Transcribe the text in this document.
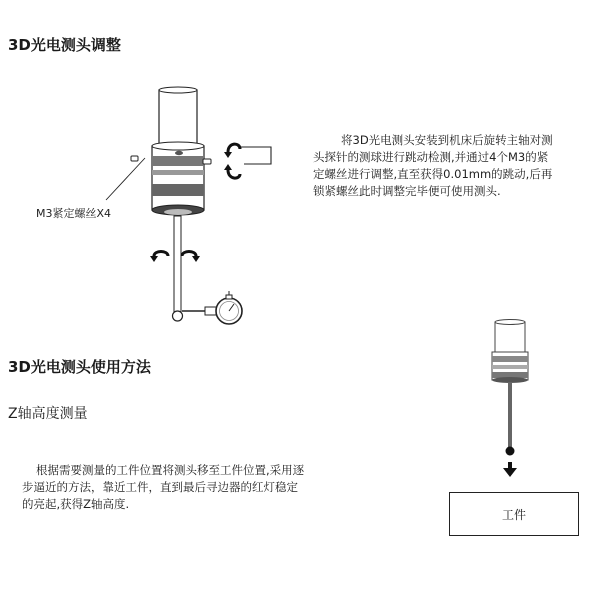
3D光电测头调整
M3紧定螺丝X4
将3D光电测头安装到机床后旋转主轴对测
头探针的测球进行跳动检测,并通过4个M3的紧
定螺丝进行调整,直至获得0.01mm的跳动,后再
锁紧螺丝此时调整完毕便可使用测头.
3D光电测头使用方法
Z轴高度测量
根据需要测量的工件位置将测头移至工件位置,采用逐
步逼近的方法，靠近工件，直到最后寻边器的红灯稳定
的亮起,获得Z轴高度.
工件
